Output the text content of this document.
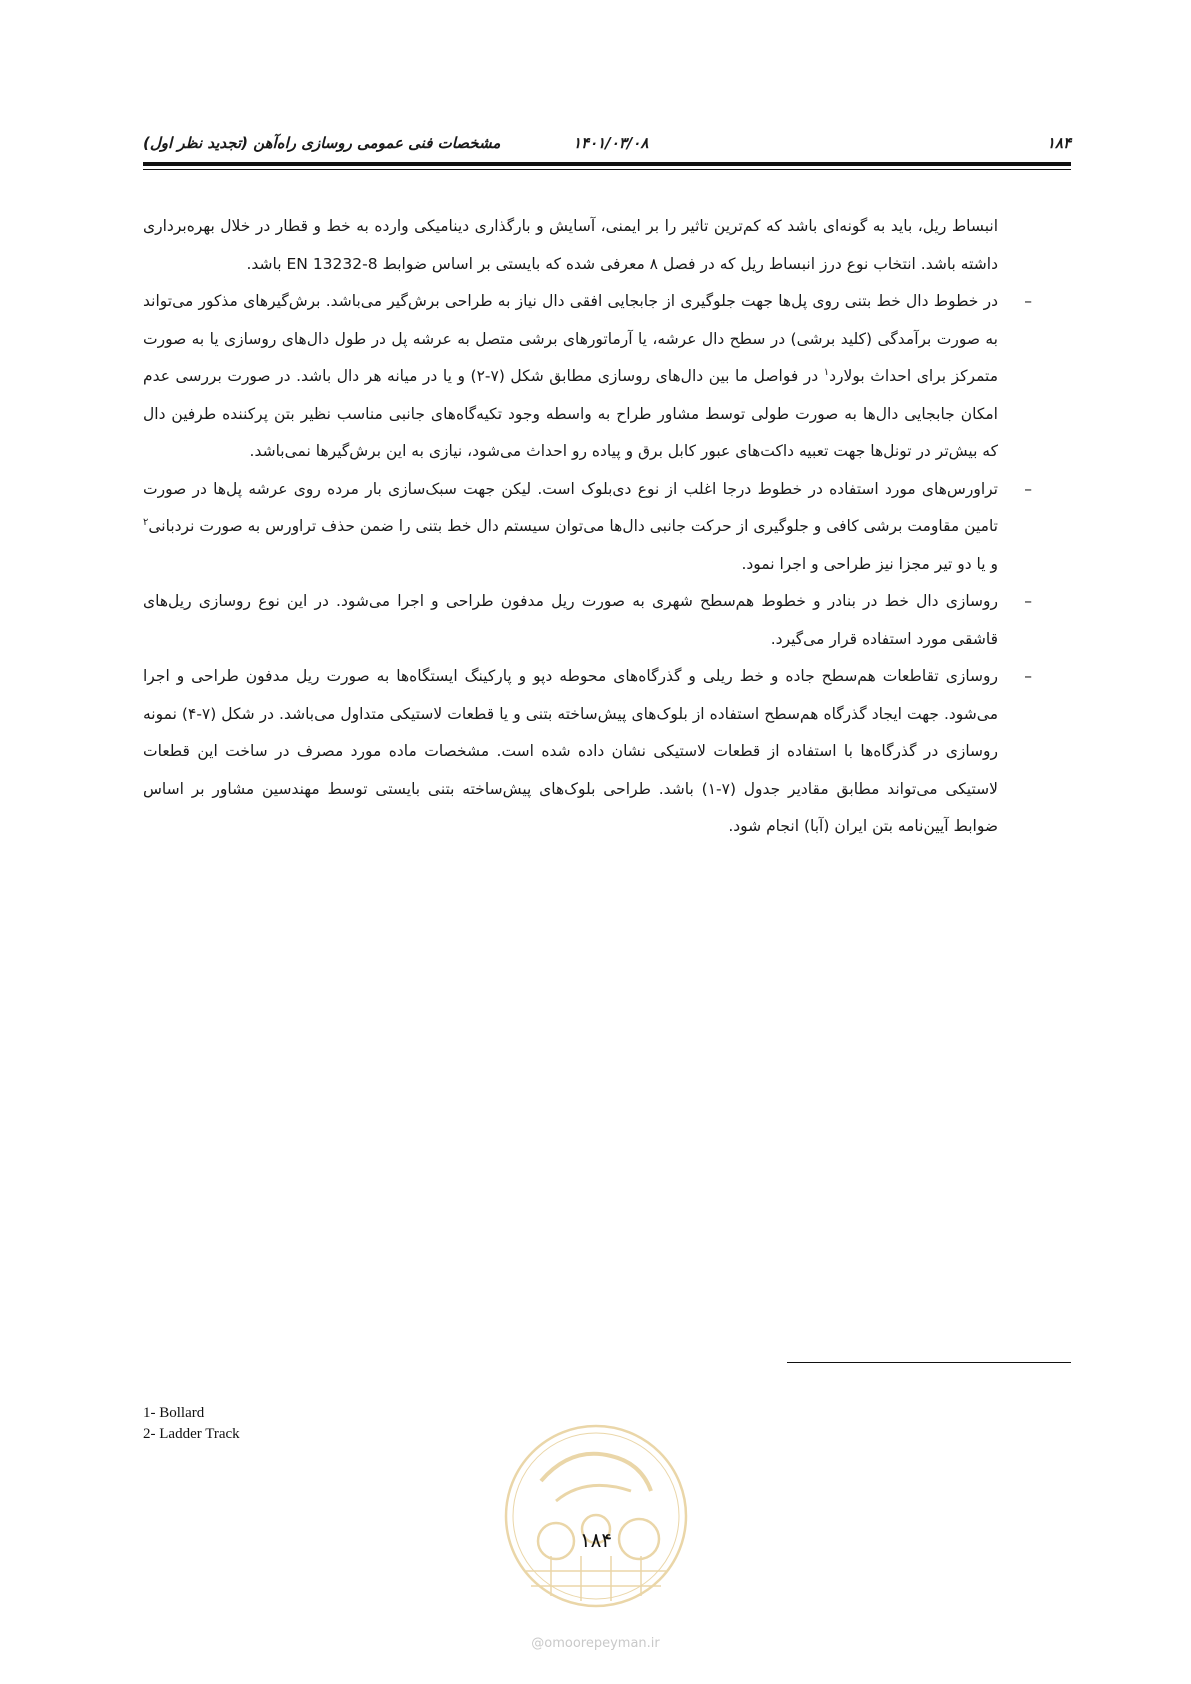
مشخصات فنی عمومی روسازی راه‌آهن (تجدید نظر اول)	۱۴۰۱/۰۳/۰۸	۱۸۴

انبساط ریل، باید به گونه‌ای باشد که کم‌ترین تاثیر را بر ایمنی، آسایش و بارگذاری دینامیکی وارده به خط و قطار در خلال بهره‌برداری داشته باشد. انتخاب نوع درز انبساط ریل که در فصل ۸ معرفی شده که بایستی بر اساس ضوابط EN 13232-8 باشد.

–
در خطوط دال خط بتنی روی پل‌ها جهت جلوگیری از جابجایی افقی دال نیاز به طراحی برش‌گیر می‌باشد. برش‌گیرهای مذکور می‌تواند به صورت برآمدگی (کلید برشی) در سطح دال عرشه، یا آرماتورهای برشی متصل به عرشه پل در طول دال‌های روسازی یا به صورت متمرکز برای احداث بولارد$^۱$ در فواصل ما بین دال‌های روسازی مطابق شکل (۷-۲) و یا در میانه هر دال باشد. در صورت بررسی عدم امکان جابجایی دال‌ها به صورت طولی توسط مشاور طراح به واسطه وجود تکیه‌گاه‌های جانبی مناسب نظیر بتن پرکننده طرفین دال که بیش‌تر در تونل‌ها جهت تعبیه داکت‌های عبور کابل برق و پیاده رو احداث می‌شود، نیازی به این برش‌گیرها نمی‌باشد.

–
تراورس‌های مورد استفاده در خطوط درجا اغلب از نوع دی‌بلوک است. لیکن جهت سبک‌سازی بار مرده روی عرشه پل‌ها در صورت تامین مقاومت برشی کافی و جلوگیری از حرکت جانبی دال‌ها می‌توان سیستم دال خط بتنی را ضمن حذف تراورس به صورت نردبانی$^۲$ و یا دو تیر مجزا نیز طراحی و اجرا نمود.

–
روسازی دال خط در بنادر و خطوط هم‌سطح شهری به صورت ریل مدفون طراحی و اجرا می‌شود. در این نوع روسازی ریل‌های قاشقی مورد استفاده قرار می‌گیرد.

–
روسازی تقاطعات هم‌سطح جاده و خط ریلی و گذرگاه‌های محوطه دپو و پارکینگ ایستگاه‌ها به صورت ریل مدفون طراحی و اجرا می‌شود. جهت ایجاد گذرگاه هم‌سطح استفاده از بلوک‌های پیش‌ساخته بتنی و یا قطعات لاستیکی متداول می‌باشد. در شکل (۷-۴) نمونه روسازی در گذرگاه‌ها با استفاده از قطعات لاستیکی نشان داده شده است. مشخصات ماده مورد مصرف در ساخت این قطعات لاستیکی می‌تواند مطابق مقادیر جدول (۷-۱) باشد. طراحی بلوک‌های پیش‌ساخته بتنی بایستی توسط مهندسین مشاور بر اساس ضوابط آیین‌نامه بتن ایران (آبا) انجام شود.

1- Bollard
2- Ladder Track
۱۸۴
@omoorepeyman.ir
